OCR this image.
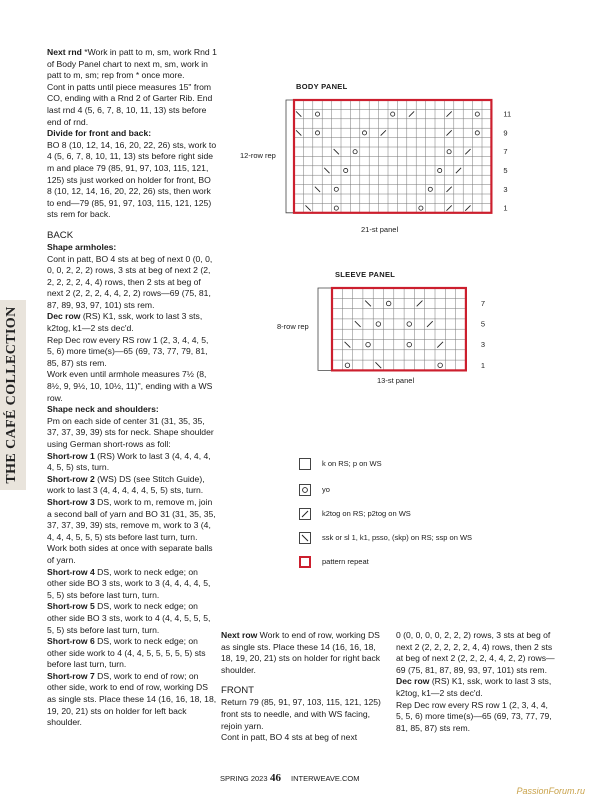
THE CAFÉ COLLECTION

Next rnd *Work in patt to m, sm, work Rnd 1 of Body Panel chart to next m, sm, work in patt to m, sm; rep from * once more.

Cont in patts until piece measures 15" from CO, ending with a Rnd 2 of Garter Rib. End last rnd 4 (5, 6, 7, 8, 10, 11, 13) sts before end of rnd.

Divide for front and back:

BO 8 (10, 12, 14, 16, 20, 22, 26) sts, work to 4 (5, 6, 7, 8, 10, 11, 13) sts before right side m and place 79 (85, 91, 97, 103, 115, 121, 125) sts just worked on holder for front, BO 8 (10, 12, 14, 16, 20, 22, 26) sts, then work to end—79 (85, 91, 97, 103, 115, 121, 125) sts rem for back.

BACK

Shape armholes:

Cont in patt, BO 4 sts at beg of next 0 (0, 0, 0, 0, 2, 2, 2) rows, 3 sts at beg of next 2 (2, 2, 2, 2, 2, 4, 4) rows, then 2 sts at beg of next 2 (2, 2, 2, 4, 4, 2, 2) rows—69 (75, 81, 87, 89, 93, 97, 101) sts rem.

Dec row (RS) K1, ssk, work to last 3 sts, k2tog, k1—2 sts dec'd.

Rep Dec row every RS row 1 (2, 3, 4, 4, 5, 5, 6) more time(s)—65 (69, 73, 77, 79, 81, 85, 87) sts rem.

Work even until armhole measures 7½ (8, 8½, 9, 9½, 10, 10½, 11)", ending with a WS row.

Shape neck and shoulders:

Pm on each side of center 31 (31, 35, 35, 37, 37, 39, 39) sts for neck. Shape shoulder using German short-rows as foll:

Short-row 1 (RS) Work to last 3 (4, 4, 4, 4, 4, 5, 5) sts, turn.

Short-row 2 (WS) DS (see Stitch Guide), work to last 3 (4, 4, 4, 4, 4, 5, 5) sts, turn.

Short-row 3 DS, work to m, remove m, join a second ball of yarn and BO 31 (31, 35, 35, 37, 37, 39, 39) sts, remove m, work to 3 (4, 4, 4, 4, 5, 5, 5) sts before last turn, turn. Work both sides at once with separate balls of yarn.

Short-row 4 DS, work to neck edge; on other side BO 3 sts, work to 3 (4, 4, 4, 4, 5, 5, 5) sts before last turn, turn.

Short-row 5 DS, work to neck edge; on other side BO 3 sts, work to 4 (4, 4, 5, 5, 5, 5, 5) sts before last turn, turn.

Short-row 6 DS, work to neck edge; on other side work to 4 (4, 4, 5, 5, 5, 5, 5) sts before last turn, turn.

Short-row 7 DS, work to end of row; on other side, work to end of row, working DS as single sts. Place these 14 (16, 16, 18, 18, 19, 20, 21) sts on holder for left back shoulder.

Next row Work to end of row, working DS as single sts. Place these 14 (16, 16, 18, 18, 19, 20, 21) sts on holder for right back shoulder.

FRONT

Return 79 (85, 91, 97, 103, 115, 121, 125) front sts to needle, and with WS facing, rejoin yarn.

Cont in patt, BO 4 sts at beg of next

0 (0, 0, 0, 0, 2, 2, 2) rows, 3 sts at beg of next 2 (2, 2, 2, 2, 2, 4, 4) rows, then 2 sts at beg of next 2 (2, 2, 2, 4, 4, 2, 2) rows—69 (75, 81, 87, 89, 93, 97, 101) sts rem.

Dec row (RS) K1, ssk, work to last 3 sts, k2tog, k1—2 sts dec'd.

Rep Dec row every RS row 1 (2, 3, 4, 4, 5, 5, 6) more time(s)—65 (69, 73, 77, 79, 81, 85, 87) sts rem.

BODY PANEL
12-row rep
21-st panel
11
9
7
5
3
1
SLEEVE PANEL
8-row rep
13-st panel
7
5
3
1
k on RS; p on WS
yo
k2tog on RS; p2tog on WS
ssk or sl 1, k1, psso, (skp) on RS; ssp on WS
pattern repeat
SPRING 2023 46 INTERWEAVE.COM
PassionForum.ru
